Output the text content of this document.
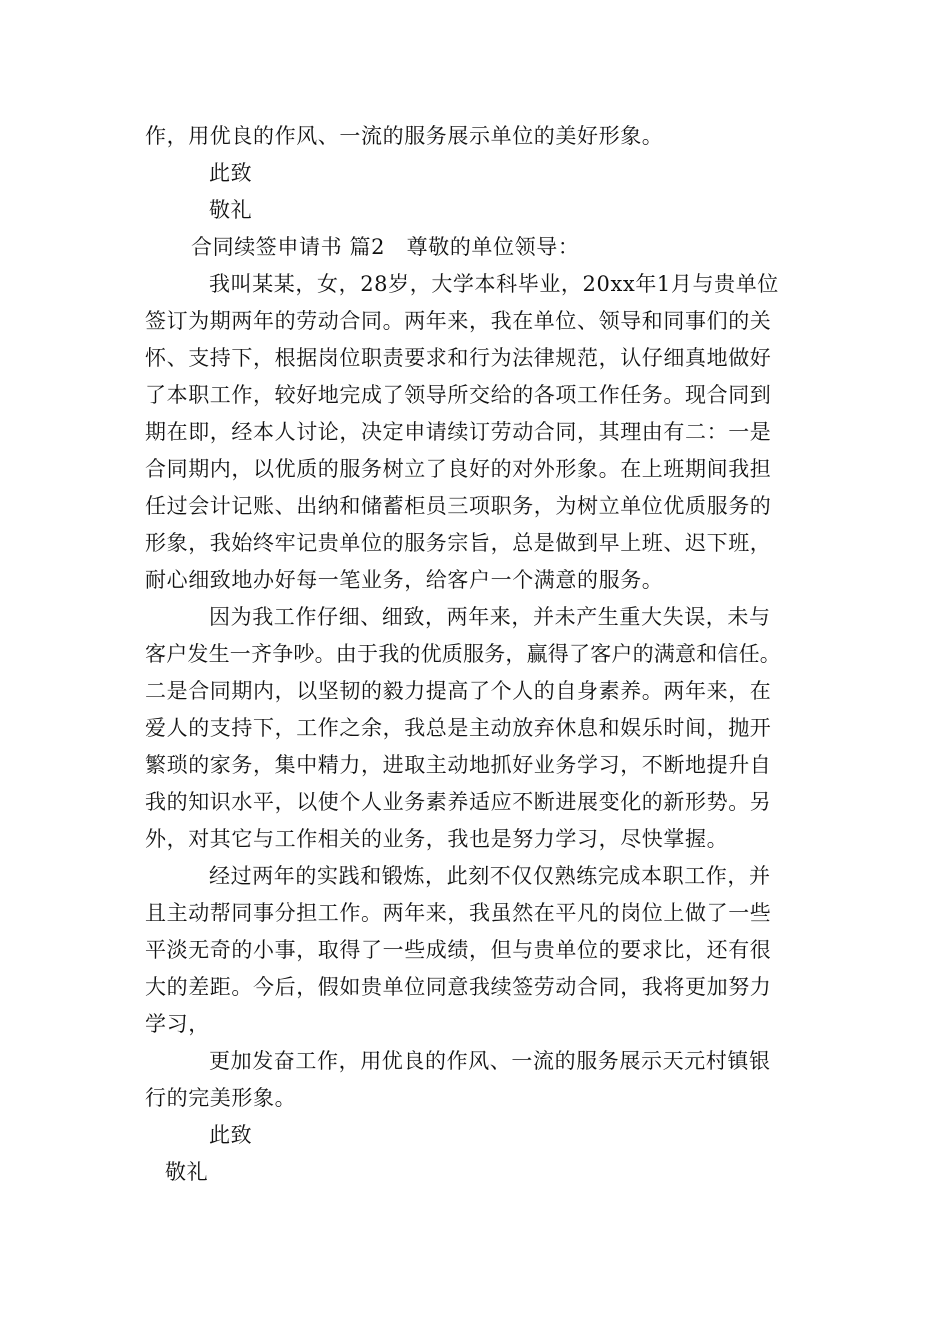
作，用优良的作风、一流的服务展示单位的美好形象。
此致
敬礼
合同续签申请书 篇2　尊敬的单位领导：
我叫某某，女，28岁，大学本科毕业，20xx年1月与贵单位
签订为期两年的劳动合同。两年来，我在单位、领导和同事们的关
怀、支持下，根据岗位职责要求和行为法律规范，认仔细真地做好
了本职工作，较好地完成了领导所交给的各项工作任务。现合同到
期在即，经本人讨论，决定申请续订劳动合同，其理由有二：一是
合同期内，以优质的服务树立了良好的对外形象。在上班期间我担
任过会计记账、出纳和储蓄柜员三项职务，为树立单位优质服务的
形象，我始终牢记贵单位的服务宗旨，总是做到早上班、迟下班，
耐心细致地办好每一笔业务，给客户一个满意的服务。
因为我工作仔细、细致，两年来，并未产生重大失误，未与
客户发生一齐争吵。由于我的优质服务，赢得了客户的满意和信任。
二是合同期内，以坚韧的毅力提高了个人的自身素养。两年来，在
爱人的支持下，工作之余，我总是主动放弃休息和娱乐时间，抛开
繁琐的家务，集中精力，进取主动地抓好业务学习，不断地提升自
我的知识水平，以使个人业务素养适应不断进展变化的新形势。另
外，对其它与工作相关的业务，我也是努力学习，尽快掌握。
经过两年的实践和锻炼，此刻不仅仅熟练完成本职工作，并
且主动帮同事分担工作。两年来，我虽然在平凡的岗位上做了一些
平淡无奇的小事，取得了一些成绩，但与贵单位的要求比，还有很
大的差距。今后，假如贵单位同意我续签劳动合同，我将更加努力
学习，
更加发奋工作，用优良的作风、一流的服务展示天元村镇银
行的完美形象。
此致
敬礼
